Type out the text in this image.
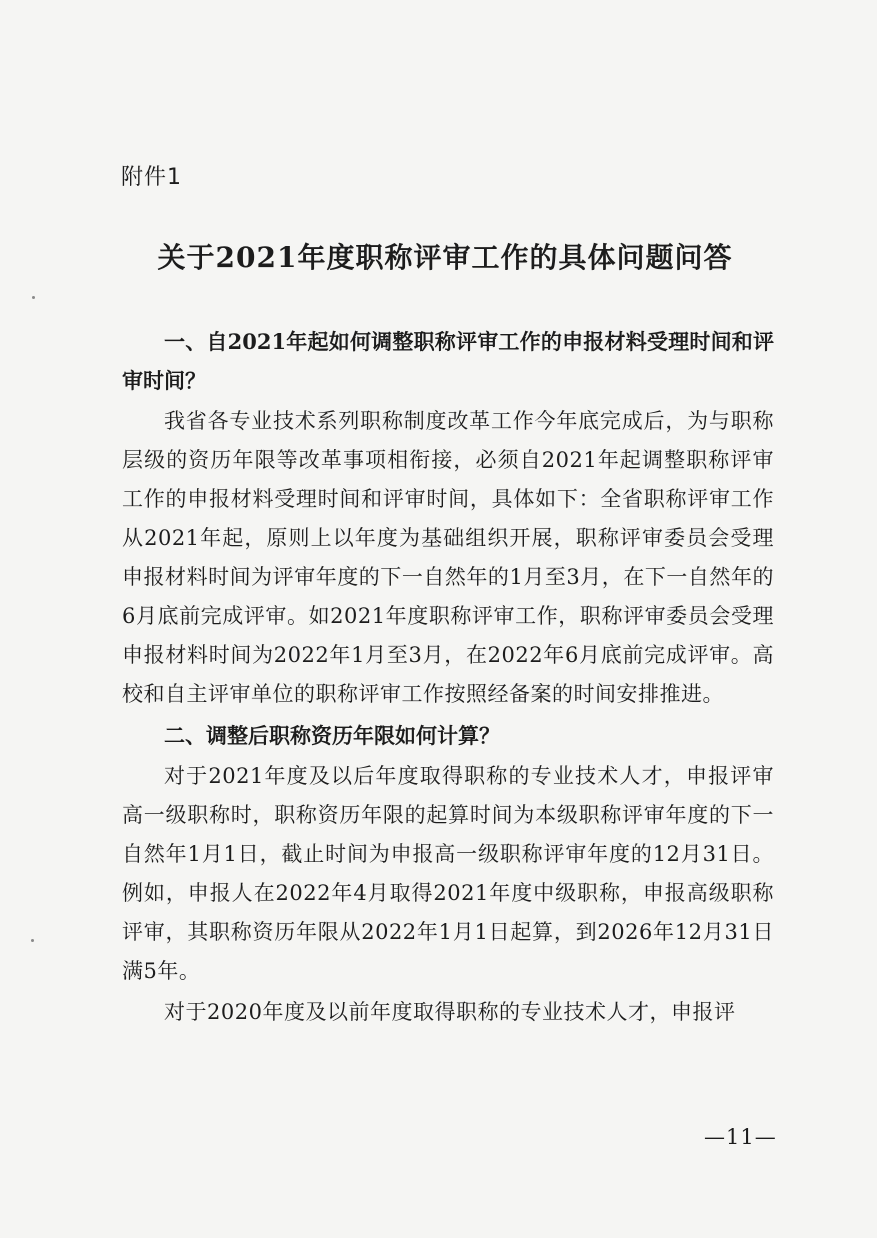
附件1
关于2021年度职称评审工作的具体问题问答
一、自2021年起如何调整职称评审工作的申报材料受理时间和评审时间？
我省各专业技术系列职称制度改革工作今年底完成后，为与职称层级的资历年限等改革事项相衔接，必须自2021年起调整职称评审工作的申报材料受理时间和评审时间，具体如下：全省职称评审工作从2021年起，原则上以年度为基础组织开展，职称评审委员会受理申报材料时间为评审年度的下一自然年的1月至3月，在下一自然年的6月底前完成评审。如2021年度职称评审工作，职称评审委员会受理申报材料时间为2022年1月至3月，在2022年6月底前完成评审。高校和自主评审单位的职称评审工作按照经备案的时间安排推进。
二、调整后职称资历年限如何计算？
对于2021年度及以后年度取得职称的专业技术人才，申报评审高一级职称时，职称资历年限的起算时间为本级职称评审年度的下一自然年1月1日，截止时间为申报高一级职称评审年度的12月31日。例如，申报人在2022年4月取得2021年度中级职称，申报高级职称评审，其职称资历年限从2022年1月1日起算，到2026年12月31日满5年。
对于2020年度及以前年度取得职称的专业技术人才，申报评
—11—
